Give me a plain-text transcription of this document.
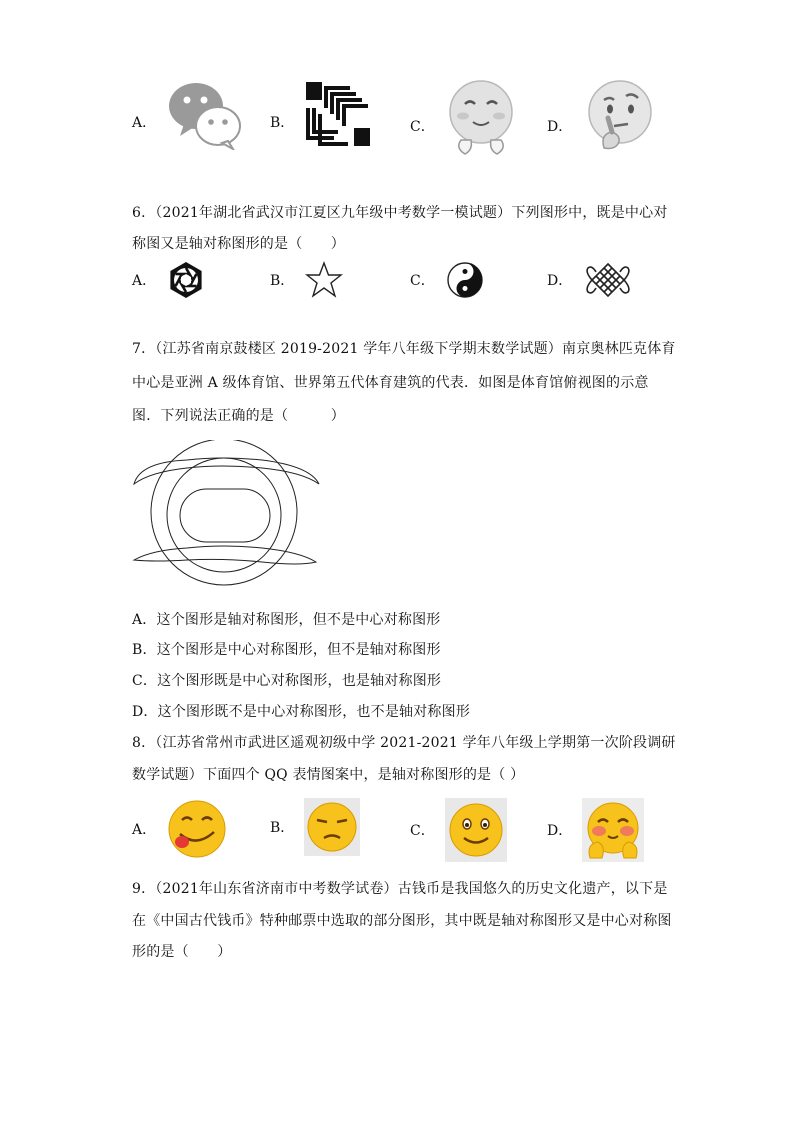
A．	B．	C．	D．
6．（2021年湖北省武汉市江夏区九年级中考数学一模试题）下列图形中，既是中心对
称图又是轴对称图形的是（　　）
A．	B．	C．	D．
7．（江苏省南京鼓楼区 2019-2021 学年八年级下学期末数学试题）南京奥林匹克体育
中心是亚洲 A 级体育馆、世界第五代体育建筑的代表．如图是体育馆俯视图的示意
图．下列说法正确的是（　　　）
A．这个图形是轴对称图形，但不是中心对称图形
B．这个图形是中心对称图形，但不是轴对称图形
C．这个图形既是中心对称图形，也是轴对称图形
D．这个图形既不是中心对称图形，也不是轴对称图形
8．（江苏省常州市武进区遥观初级中学 2021-2021 学年八年级上学期第一次阶段调研
数学试题）下面四个 QQ 表情图案中，是轴对称图形的是（ ）
A．	B．	C．	D．
9．（2021年山东省济南市中考数学试卷）古钱币是我国悠久的历史文化遗产，以下是
在《中国古代钱币》特种邮票中选取的部分图形，其中既是轴对称图形又是中心对称图
形的是（　　）
